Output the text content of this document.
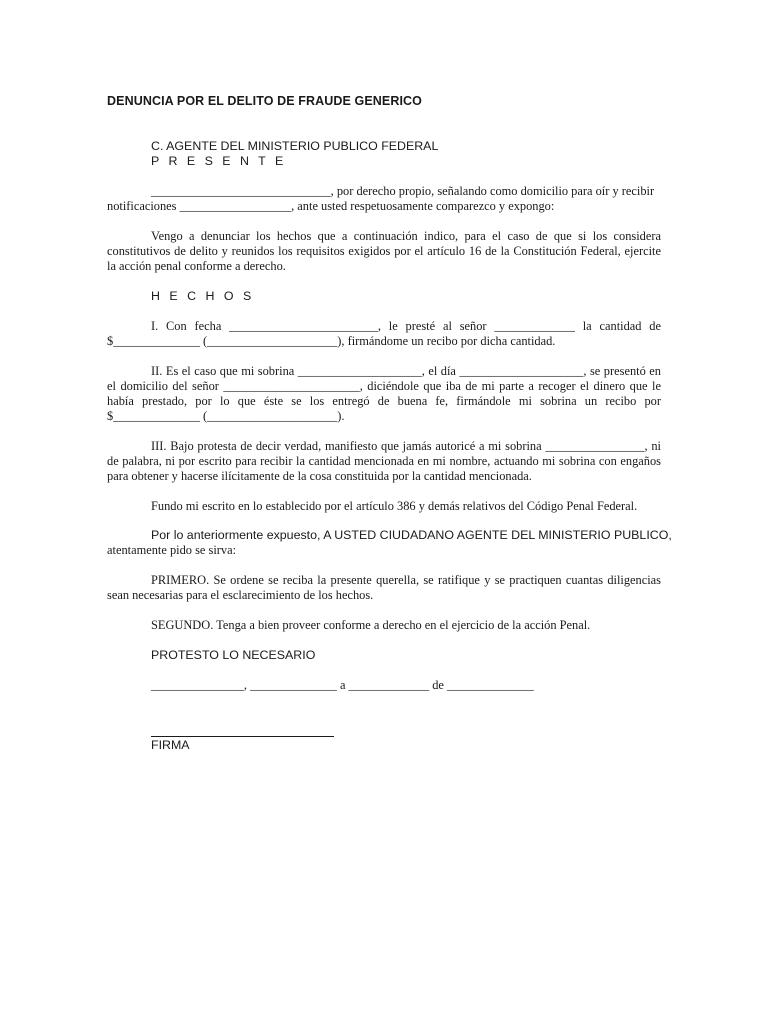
DENUNCIA POR EL DELITO DE FRAUDE GENERICO
C. AGENTE DEL MINISTERIO PUBLICO FEDERAL
P R E S E N T E
_____________________________, por derecho propio, señalando como domicilio para oír y recibir
notificaciones __________________, ante usted respetuosamente comparezco y expongo:
Vengo a denunciar los hechos que a continuación indico, para el caso de que si los considera
constitutivos de delito y reunidos los requisitos exigidos por el artículo 16 de la Constitución Federal, ejercite
la acción penal conforme a derecho.
H E C H O S
I. Con fecha ________________________, le presté al señor _____________ la cantidad de
$______________ (_____________________), firmándome un recibo por dicha cantidad.
II. Es el caso que mi sobrina ____________________, el día ____________________, se presentó en
el domicilio del señor ______________________, diciéndole que iba de mi parte a recoger el dinero que le
había prestado, por lo que éste se los entregó de buena fe, firmándole mi sobrina un recibo por
$______________ (_____________________).
III. Bajo protesta de decir verdad, manifiesto que jamás autoricé a mi sobrina ________________, ni
de palabra, ni por escrito para recibir la cantidad mencionada en mi nombre, actuando mi sobrina con engaños
para obtener y hacerse ilícitamente de la cosa constituida por la cantidad mencionada.
Fundo mi escrito en lo establecido por el artículo 386 y demás relativos del Código Penal Federal.
Por lo anteriormente expuesto, A USTED CIUDADANO AGENTE DEL MINISTERIO PUBLICO,
atentamente pido se sirva:
PRIMERO. Se ordene se reciba la presente querella, se ratifique y se practiquen cuantas diligencias
sean necesarias para el esclarecimiento de los hechos.
SEGUNDO. Tenga a bien proveer conforme a derecho en el ejercicio de la acción Penal.
PROTESTO LO NECESARIO
_______________, ______________ a _____________ de ______________
FIRMA
